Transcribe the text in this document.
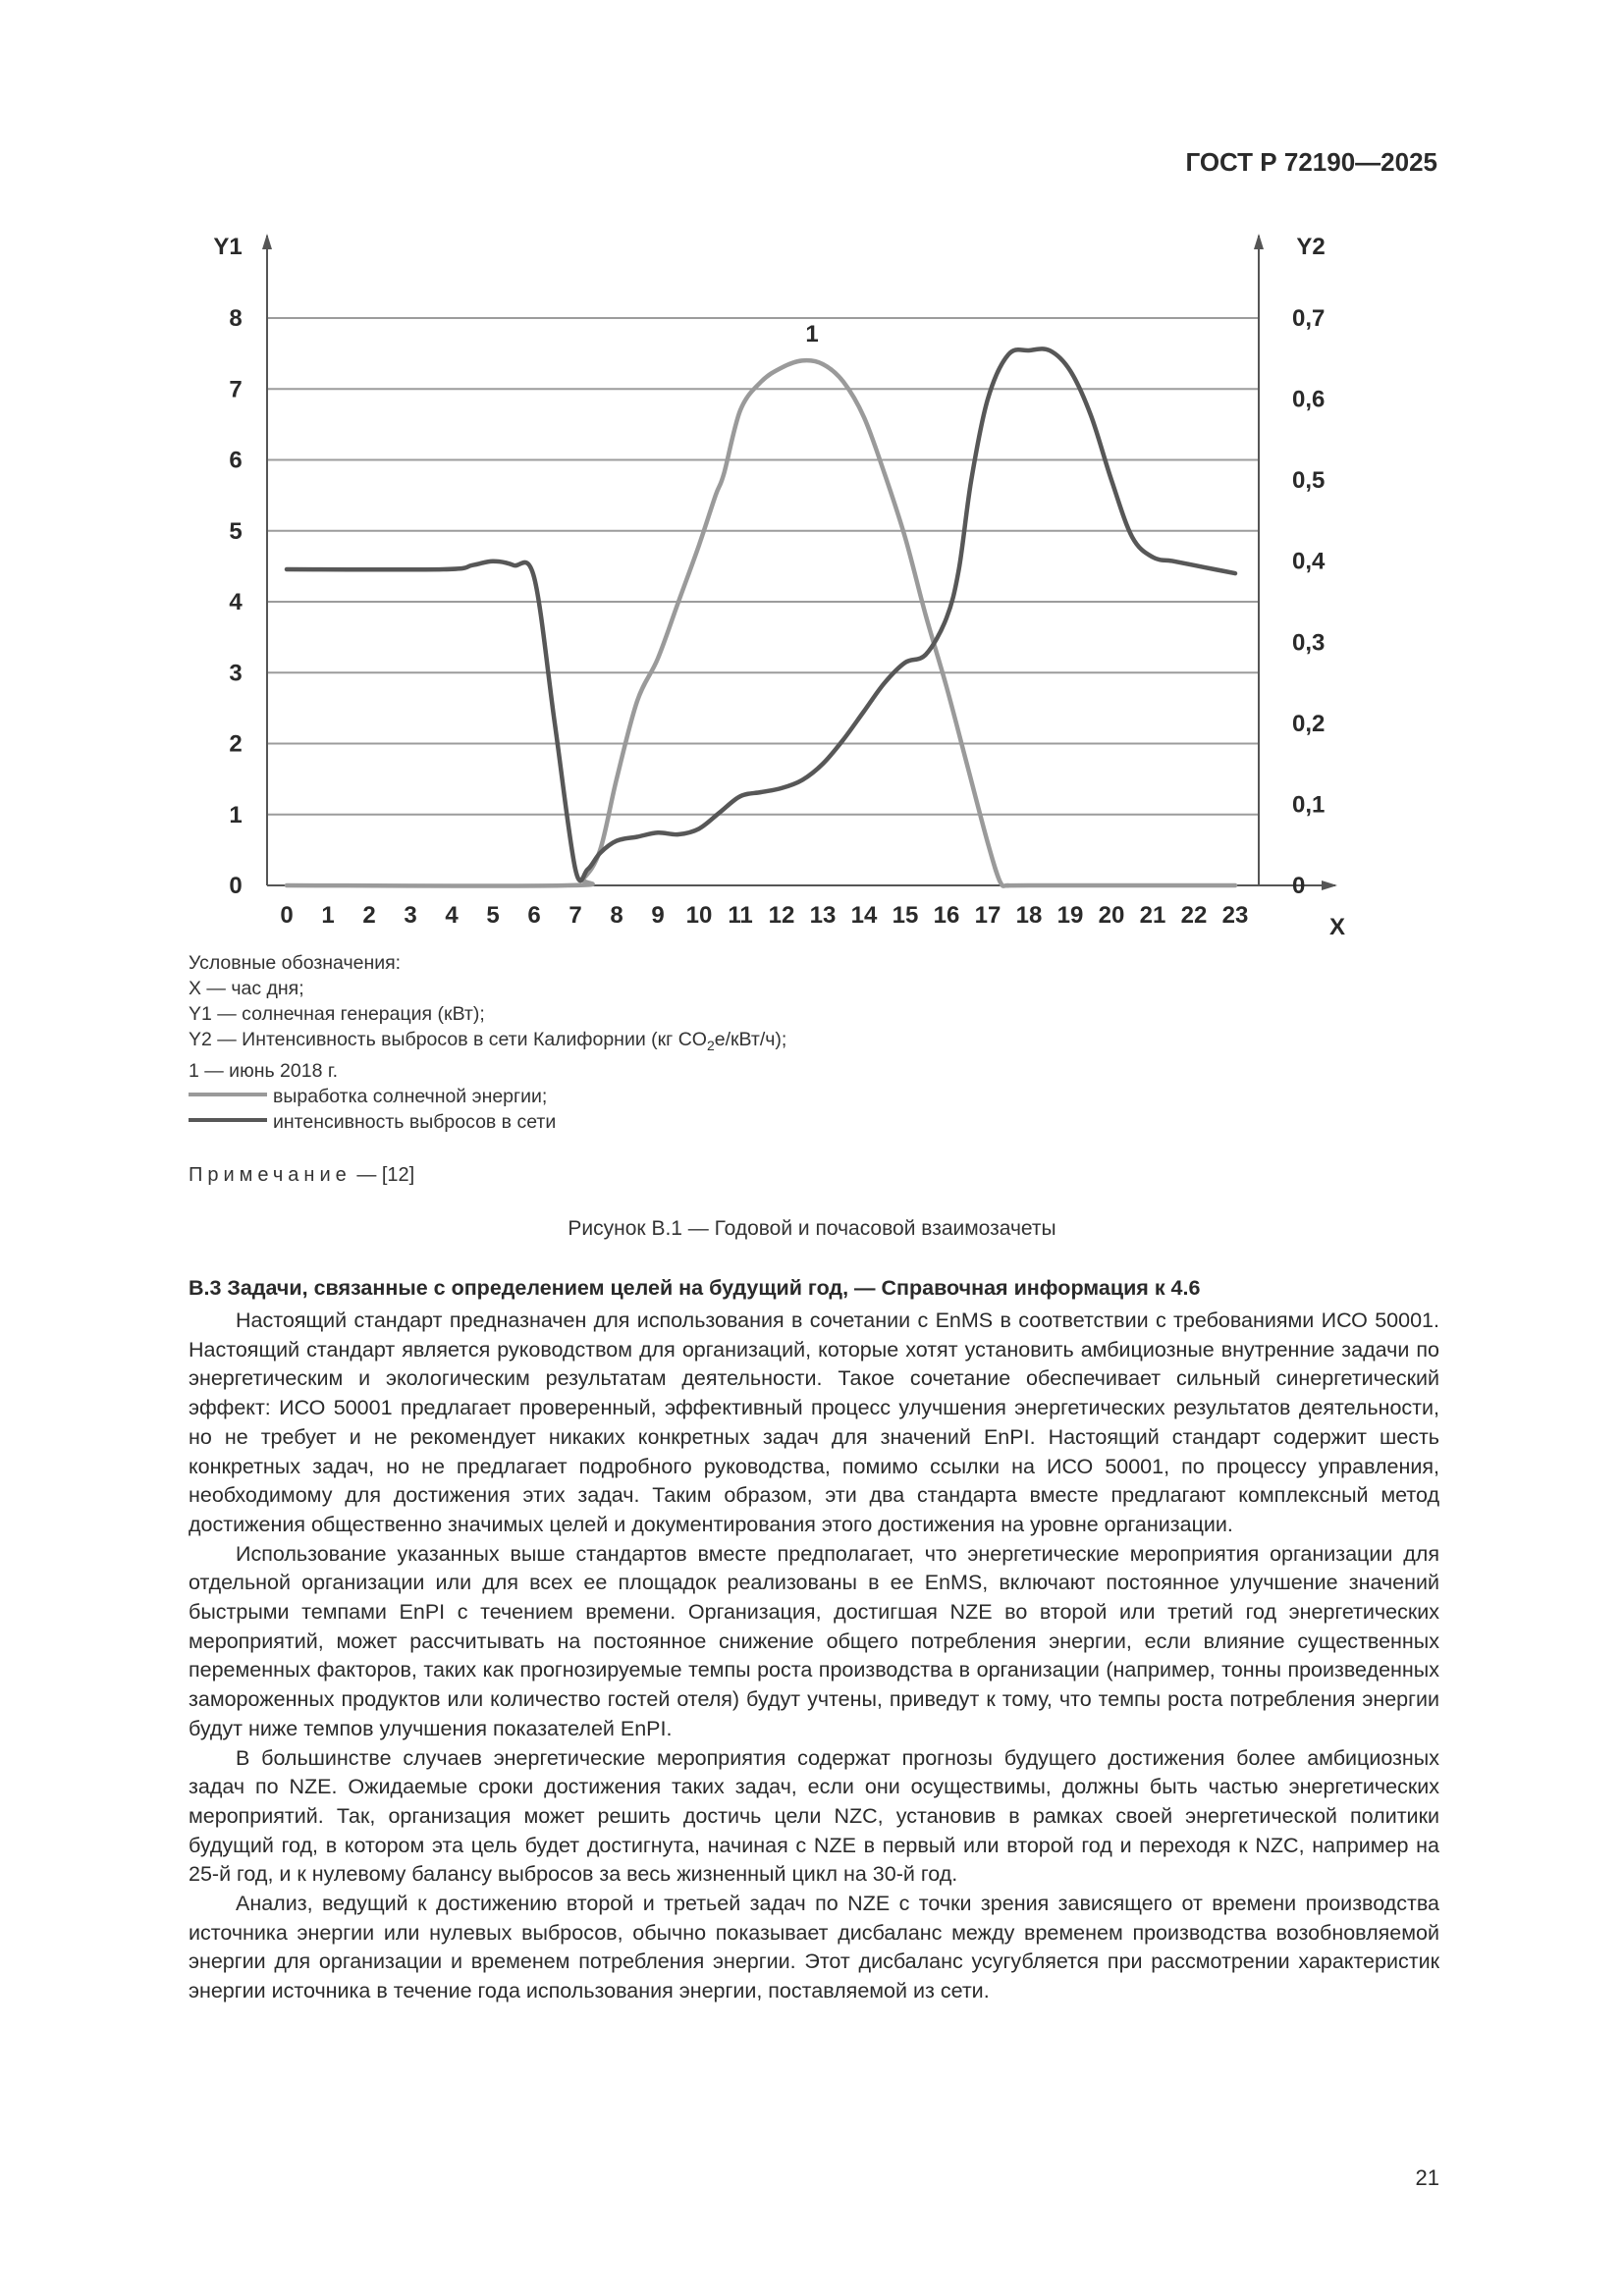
ГОСТ Р 72190—2025
0
1
2
3
4
5
6
7
8
0
0,1
0,2
0,3
0,4
0,5
0,6
0,7
0 1 2 3 4 5 6 7 8 9 10 11 12 13 14 15 16 17 18 19 20 21 22 23
Y1	Y2
X
1
Условные обозначения:
X — час дня;
Y1 — солнечная генерация (кВт);
Y2 — Интенсивность выбросов в сети Калифорнии (кг $CO_2е/кВт/ч$);
1 — июнь 2018 г.
выработка солнечной энергии;
интенсивность выбросов в сети
Примечание — [12]
Рисунок В.1 — Годовой и почасовой взаимозачеты
В.3 Задачи, связанные с определением целей на будущий год, — Справочная информация к 4.6

Настоящий стандарт предназначен для использования в сочетании с EnMS в соответствии с требованиями ИСО 50001. Настоящий стандарт является руководством для организаций, которые хотят установить амбициозные внутренние задачи по энергетическим и экологическим результатам деятельности. Такое сочетание обеспечивает сильный синергетический эффект: ИСО 50001 предлагает проверенный, эффективный процесс улучшения энергетических результатов деятельности, но не требует и не рекомендует никаких конкретных задач для значений EnPI. Настоящий стандарт содержит шесть конкретных задач, но не предлагает подробного руководства, помимо ссылки на ИСО 50001, по процессу управления, необходимому для достижения этих задач. Таким образом, эти два стандарта вместе предлагают комплексный метод достижения общественно значимых целей и документирования этого достижения на уровне организации.

Использование указанных выше стандартов вместе предполагает, что энергетические мероприятия организации для отдельной организации или для всех ее площадок реализованы в ее EnMS, включают постоянное улучшение значений быстрыми темпами EnPI с течением времени. Организация, достигшая NZE во второй или третий год энергетических мероприятий, может рассчитывать на постоянное снижение общего потребления энергии, если влияние существенных переменных факторов, таких как прогнозируемые темпы роста производства в организации (например, тонны произведенных замороженных продуктов или количество гостей отеля) будут учтены, приведут к тому, что темпы роста потребления энергии будут ниже темпов улучшения показателей EnPI.

В большинстве случаев энергетические мероприятия содержат прогнозы будущего достижения более амбициозных задач по NZE. Ожидаемые сроки достижения таких задач, если они осуществимы, должны быть частью энергетических мероприятий. Так, организация может решить достичь цели NZC, установив в рамках своей энергетической политики будущий год, в котором эта цель будет достигнута, начиная с NZE в первый или второй год и переходя к NZC, например на 25-й год, и к нулевому балансу выбросов за весь жизненный цикл на 30-й год.

Анализ, ведущий к достижению второй и третьей задач по NZE с точки зрения зависящего от времени производства источника энергии или нулевых выбросов, обычно показывает дисбаланс между временем производства возобновляемой энергии для организации и временем потребления энергии. Этот дисбаланс усугубляется при рассмотрении характеристик энергии источника в течение года использования энергии, поставляемой из сети.

21
